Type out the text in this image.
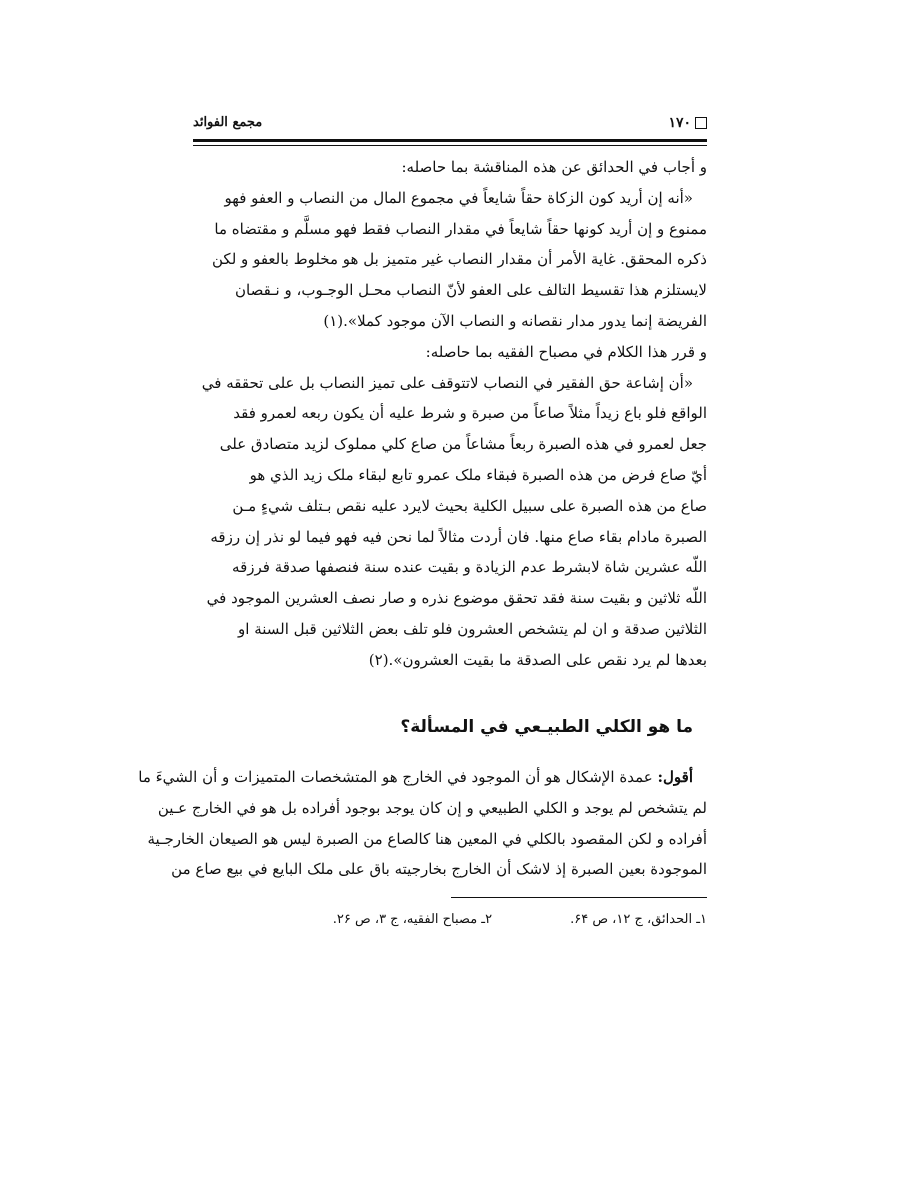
۱۷۰
مجمع الفوائد
و أجاب في الحدائق عن هذه المناقشة بما حاصله:
«أنه إن أريد كون الزكاة حقاً شايعاً في مجموع المال من النصاب و العفو فهو
ممنوع و إن أريد كونها حقاً شايعاً في مقدار النصاب فقط فهو مسلَّم و مقتضاه ما
ذكره المحقق. غاية الأمر أن مقدار النصاب غير متميز بل هو مخلوط بالعفو و لكن
لايستلزم هذا تقسيط التالف على العفو لأنّ النصاب محـل الوجـوب، و نـقصان
الفريضة إنما يدور مدار نقصانه و النصاب الآن موجود كملا».(۱)
و قرر هذا الكلام في مصباح الفقيه بما حاصله:
«أن إشاعة حق الفقير في النصاب لاتتوقف على تميز النصاب بل على تحققه في
الواقع فلو باع زيداً مثلاً صاعاً من صبرة و شرط عليه أن يكون ربعه لعمرو فقد
جعل لعمرو في هذه الصبرة ربعاً مشاعاً من صاع كلي مملوک لزيد متصادق على
أيّ صاع فرض من هذه الصبرة فبقاء ملک عمرو تابع لبقاء ملک زيد الذي هو
صاع من هذه الصبرة على سبيل الكلية بحيث لايرد عليه نقص بـتلف شيءٍ مـن
الصبرة مادام بقاء صاع منها. فان أردت مثالاً لما نحن فيه فهو فيما لو نذر إن رزقه
اللّه عشرين شاة لابشرط عدم الزيادة و بقيت عنده سنة فنصفها صدقة فرزقه
اللّه ثلاثين و بقيت سنة فقد تحقق موضوع نذره و صار نصف العشرين الموجود في
الثلاثين صدقة و ان لم يتشخص العشرون فلو تلف بعض الثلاثين قبل السنة او
بعدها لم يرد نقص على الصدقة ما بقيت العشرون».(۲)
ما هو الكلي الطبيـعي في المسألة؟
أقول: عمدة الإشكال هو أن الموجود في الخارج هو المتشخصات المتميزات و أن الشيءَ ما
لم يتشخص لم يوجد و الكلي الطبيعي و إن كان يوجد بوجود أفراده بل هو في الخارج عـين
أفراده و لكن المقصود بالكلي في المعين هنا كالصاع من الصبرة ليس هو الصيعان الخارجـية
الموجودة بعين الصبرة إذ لاشک أن الخارج بخارجيته باق على ملک البايع في بيع صاع من
۱ـ الحدائق، ج ۱۲، ص ۶۴.
۲ـ مصباح الفقيه، ج ۳، ص ۲۶.
